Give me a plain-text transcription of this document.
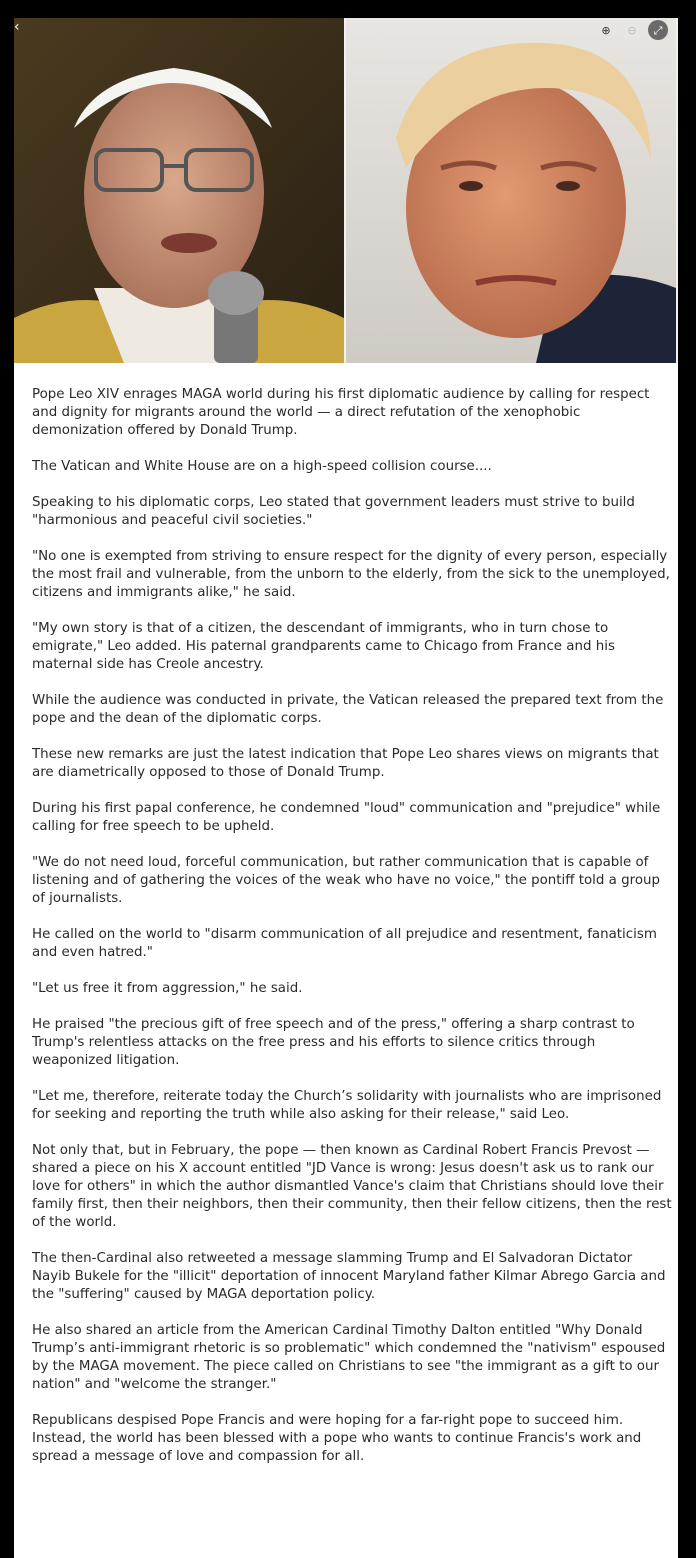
‹	⊕	⊖	⤢

Pope Leo XIV enrages MAGA world during his first diplomatic audience by calling for respect and dignity for migrants around the world — a direct refutation of the xenophobic demonization offered by Donald Trump.

The Vatican and White House are on a high-speed collision course....

Speaking to his diplomatic corps, Leo stated that government leaders must strive to build "harmonious and peaceful civil societies."

"No one is exempted from striving to ensure respect for the dignity of every person, especially the most frail and vulnerable, from the unborn to the elderly, from the sick to the unemployed, citizens and immigrants alike," he said.

"My own story is that of a citizen, the descendant of immigrants, who in turn chose to emigrate," Leo added. His paternal grandparents came to Chicago from France and his maternal side has Creole ancestry.

While the audience was conducted in private, the Vatican released the prepared text from the pope and the dean of the diplomatic corps.

These new remarks are just the latest indication that Pope Leo shares views on migrants that are diametrically opposed to those of Donald Trump.

During his first papal conference, he condemned "loud" communication and "prejudice" while calling for free speech to be upheld.

"We do not need loud, forceful communication, but rather communication that is capable of listening and of gathering the voices of the weak who have no voice," the pontiff told a group of journalists.

He called on the world to "disarm communication of all prejudice and resentment, fanaticism and even hatred."

"Let us free it from aggression," he said.

He praised "the precious gift of free speech and of the press," offering a sharp contrast to Trump's relentless attacks on the free press and his efforts to silence critics through weaponized litigation.

"Let me, therefore, reiterate today the Church’s solidarity with journalists who are imprisoned for seeking and reporting the truth while also asking for their release," said Leo.

Not only that, but in February, the pope — then known as Cardinal Robert Francis Prevost — shared a piece on his X account entitled "JD Vance is wrong: Jesus doesn't ask us to rank our love for others" in which the author dismantled Vance's claim that Christians should love their family first, then their neighbors, then their community, then their fellow citizens, then the rest of the world.

The then-Cardinal also retweeted a message slamming Trump and El Salvadoran Dictator Nayib Bukele for the "illicit" deportation of innocent Maryland father Kilmar Abrego Garcia and the "suffering" caused by MAGA deportation policy.

He also shared an article from the American Cardinal Timothy Dalton entitled "Why Donald Trump’s anti-immigrant rhetoric is so problematic" which condemned the "nativism" espoused by the MAGA movement. The piece called on Christians to see "the immigrant as a gift to our nation" and "welcome the stranger."

Republicans despised Pope Francis and were hoping for a far-right pope to succeed him. Instead, the world has been blessed with a pope who wants to continue Francis's work and spread a message of love and compassion for all.
